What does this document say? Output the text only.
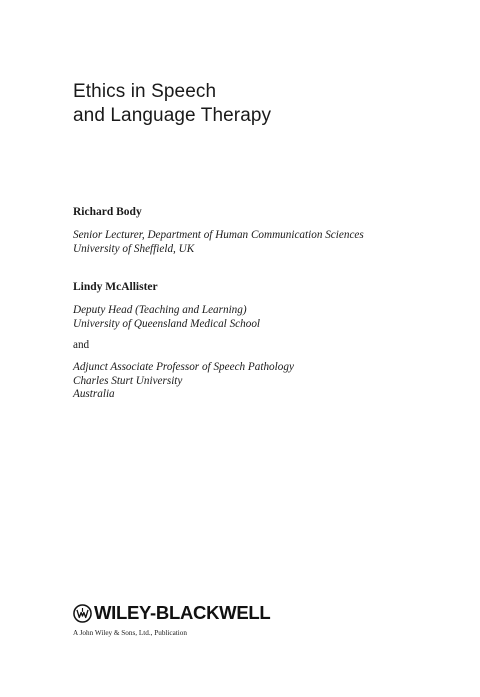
Ethics in Speech
and Language Therapy

Richard Body

Senior Lecturer, Department of Human Communication Sciences
University of Sheffield, UK

Lindy McAllister

Deputy Head (Teaching and Learning)
University of Queensland Medical School

and

Adjunct Associate Professor of Speech Pathology
Charles Sturt University
Australia

WILEY-BLACKWELL

A John Wiley & Sons, Ltd., Publication
